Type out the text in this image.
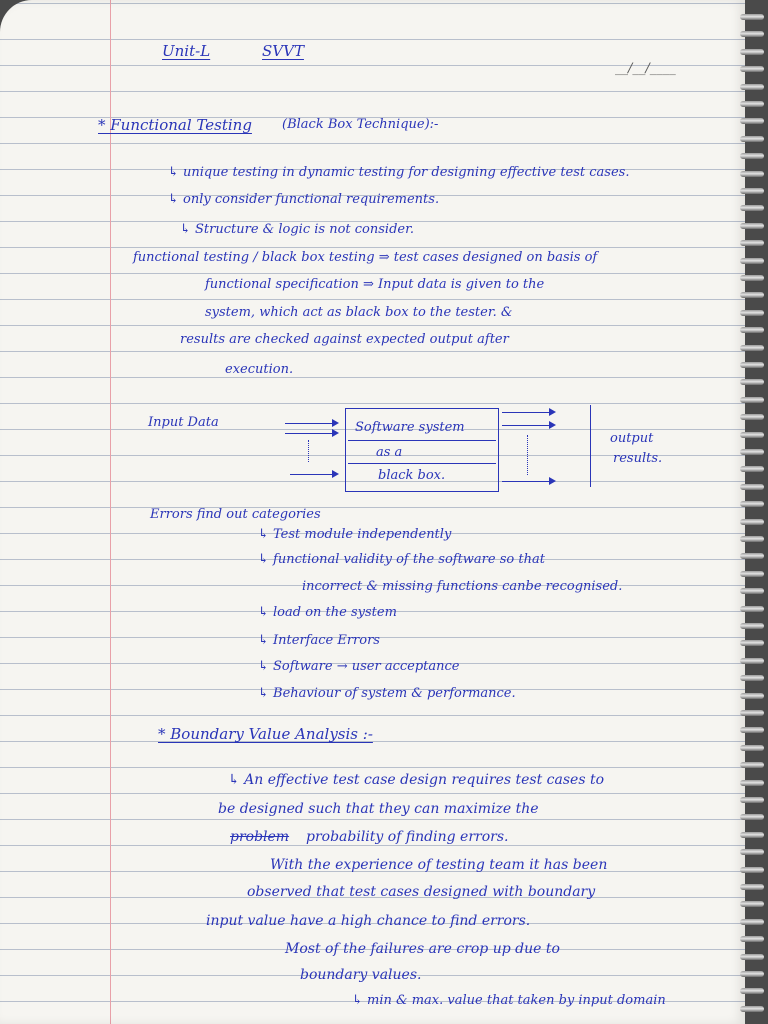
Unit-L	SVVT
__/__/____
* Functional Testing (Black Box Technique):-
↳ unique testing in dynamic testing for designing effective test cases.
↳ only consider functional requirements.
↳ Structure & logic is not consider.
functional testing / black box testing ⇒ test cases designed on basis of
functional specification ⇒ Input data is given to the
system, which act as black box to the tester. &
results are checked against expected output after
execution.
Input Data	Software system
as a
black box.
output
results.
Errors find out categories
↳ Test module independently
↳ functional validity of the software so that
incorrect & missing functions canbe recognised.
↳ load on the system
↳ Interface Errors
↳ Software → user acceptance
↳ Behaviour of system & performance.
* Boundary Value Analysis :-
↳ An effective test case design requires test cases to
be designed such that they can maximize the
problem probability of finding errors.
With the experience of testing team it has been
observed that test cases designed with boundary
input value have a high chance to find errors.
Most of the failures are crop up due to
boundary values.
↳ min & max. value that taken by input domain
